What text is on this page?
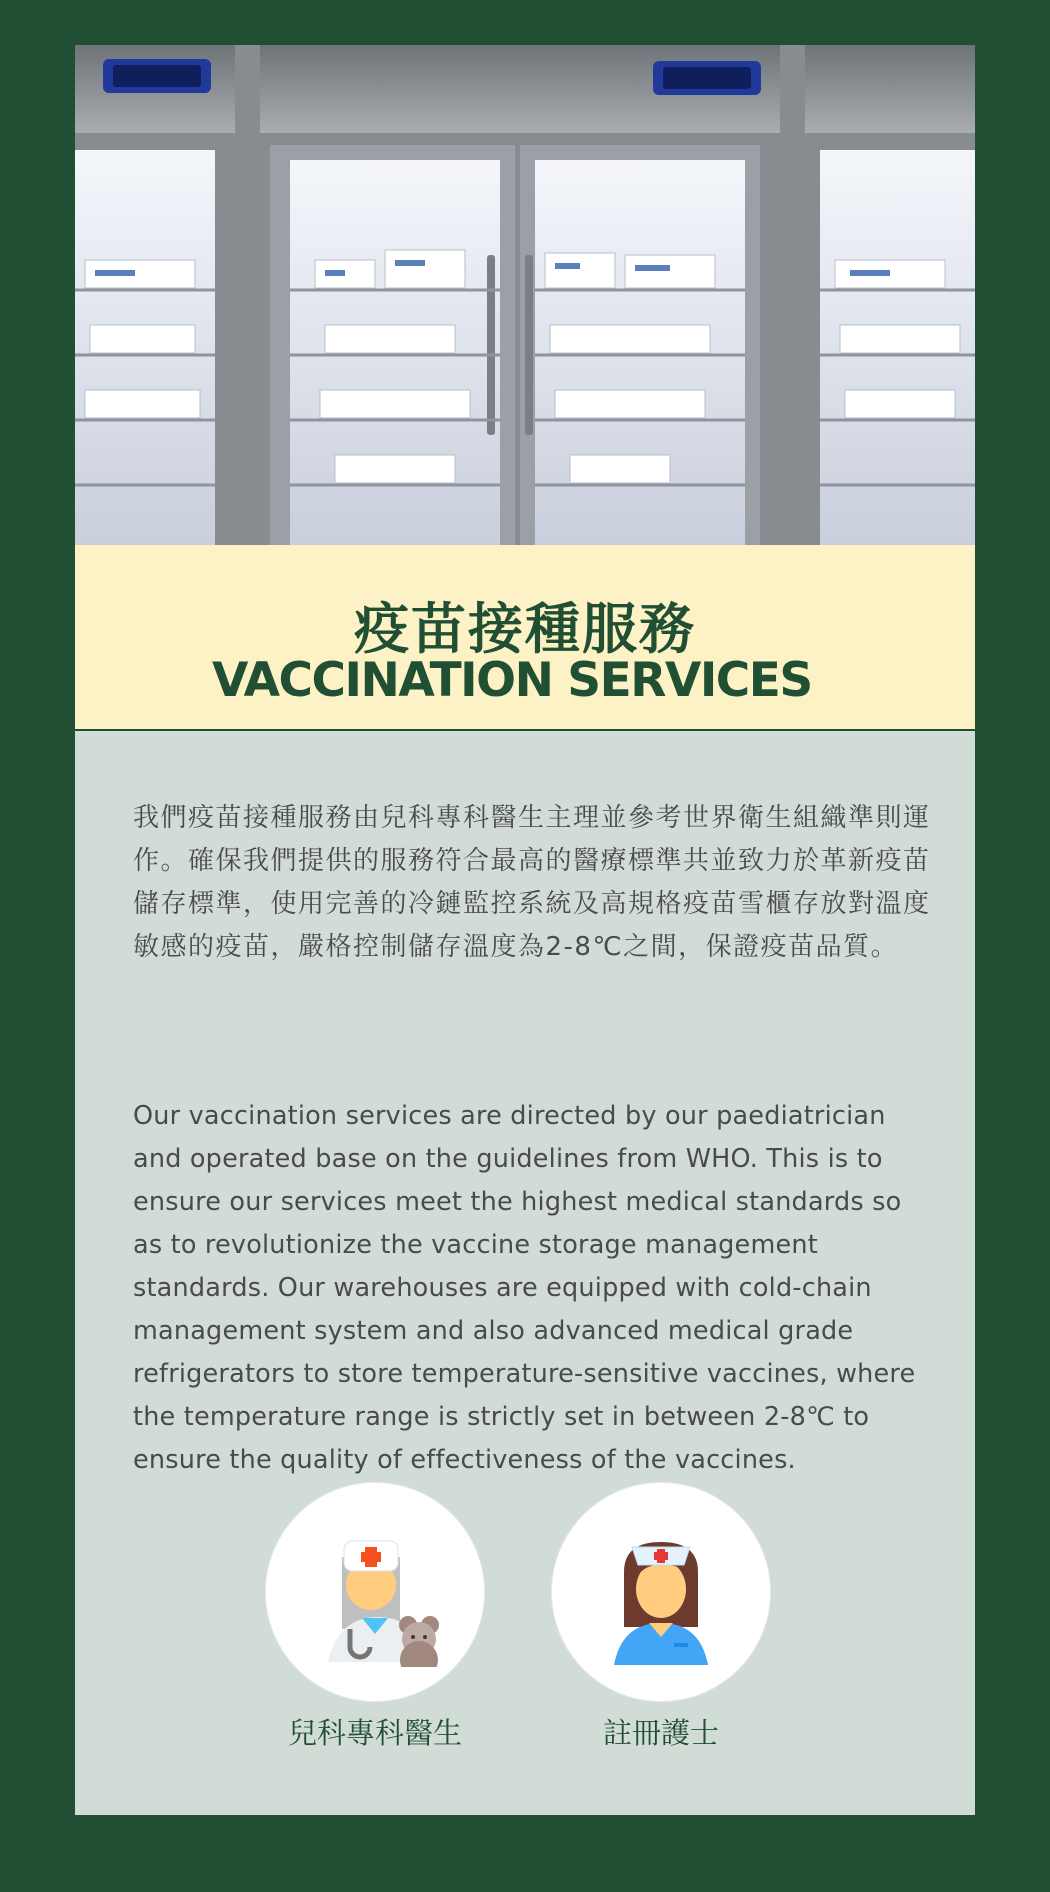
疫苗接種服務
VACCINATION SERVICES
我們疫苗接種服務由兒科專科醫生主理並參考世界衛生組織準則運作。確保我們提供的服務符合最高的醫療標準共並致力於革新疫苗儲存標準，使用完善的冷鏈監控系統及高規格疫苗雪櫃存放對溫度敏感的疫苗，嚴格控制儲存溫度為2-8℃之間，保證疫苗品質。
Our vaccination services are directed by our paediatrician and operated base on the guidelines from WHO. This is to ensure our services meet the highest medical standards so as to revolutionize the vaccine storage management standards. Our warehouses are equipped with cold-chain management system and also advanced medical grade refrigerators to store temperature-sensitive vaccines, where the temperature range is strictly set in between 2-8℃ to ensure the quality of effectiveness of the vaccines.
兒科專科醫生	註冊護士
